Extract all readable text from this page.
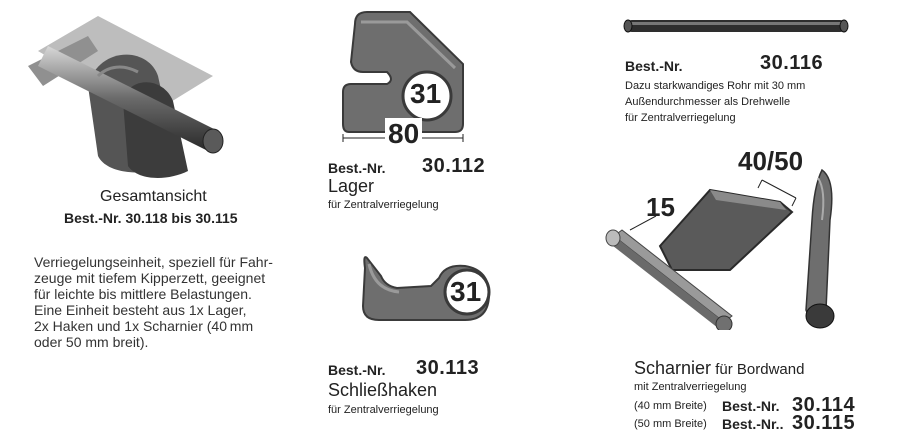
Gesamtansicht
Best.-Nr. 30.118 bis 30.115
Verriegelungseinheit, speziell für Fahr-
zeuge mit tiefem Kipperzett, geeignet
für leichte bis mittlere Belastungen.
Eine Einheit besteht aus 1x Lager,
2x Haken und 1x Scharnier (40 mm
oder 50 mm breit).
31
80
Best.-Nr. 30.112
Lager
für Zentralverriegelung
31
Best.-Nr. 30.113
Schließhaken
für Zentralverriegelung
Best.-Nr.	30.116
Dazu starkwandiges Rohr mit 30 mm
Außendurchmesser als Drehwelle
für Zentralverriegelung
40/50
15
Scharnier für Bordwand
mit Zentralverriegelung
(40 mm Breite) Best.-Nr. 30.114
(50 mm Breite) Best.-Nr.. 30.115
